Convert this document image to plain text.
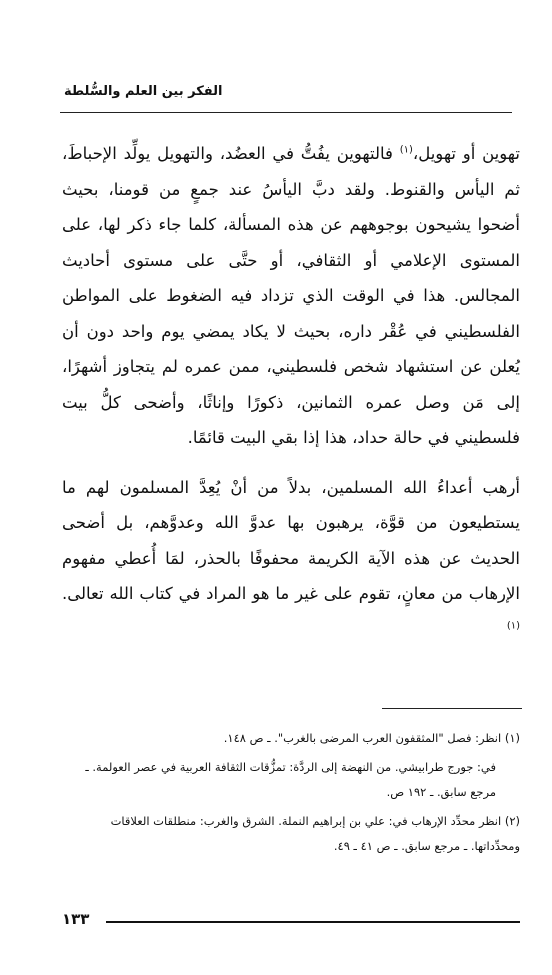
الفكر بين العلم والسُّلطة

تهوين أو تهويل،$^{(١)}$ فالتهوين يفُتُّ في العضُد، والتهويل يولِّد الإحباطَ، ثم اليأس والقنوط. ولقد دبَّ اليأسُ عند جمعٍ من قومنا، بحيث أضحوا يشيحون بوجوههم عن هذه المسألة، كلما جاء ذكر لها، على المستوى الإعلامي أو الثقافي، أو حتَّى على مستوى أحاديث المجالس. هذا في الوقت الذي تزداد فيه الضغوط على المواطن الفلسطيني في عُقْر داره، بحيث لا يكاد يمضي يوم واحد دون أن يُعلن عن استشهاد شخص فلسطيني، ممن عمره لم يتجاوز أشهرًا، إلى مَن وصل عمره الثمانين، ذكورًا وإناثًا، وأضحى كلُّ بيت فلسطيني في حالة حداد، هذا إذا بقي البيت قائمًا.

أرهب أعداءُ الله المسلمين، بدلاً من أنْ يُعِدَّ المسلمون لهم ما يستطيعون من قوَّة، يرهبون بها عدوَّ الله وعدوَّهم، بل أضحى الحديث عن هذه الآية الكريمة محفوفًا بالحذر، لمَا أُعطي مفهوم الإرهاب من معانٍ، تقوم على غير ما هو المراد في كتاب الله تعالى.$^{(١)}$

(١) انظر: فصل "المثقفون العرب المرضى بالغرب". ـ ص ١٤٨.

في: جورج طرابيشي. من النهضة إلى الردَّة: تمزُّقات الثقافة العربية في عصر العولمة. ـ مرجع سابق. ـ ١٩٢ ص.

(٢) انظر محدِّد الإرهاب في: علي بن إبراهيم النملة. الشرق والغرب: منطلقات العلاقات ومحدِّداتها. ـ مرجع سابق. ـ ص ٤١ ـ ٤٩.

١٣٣
